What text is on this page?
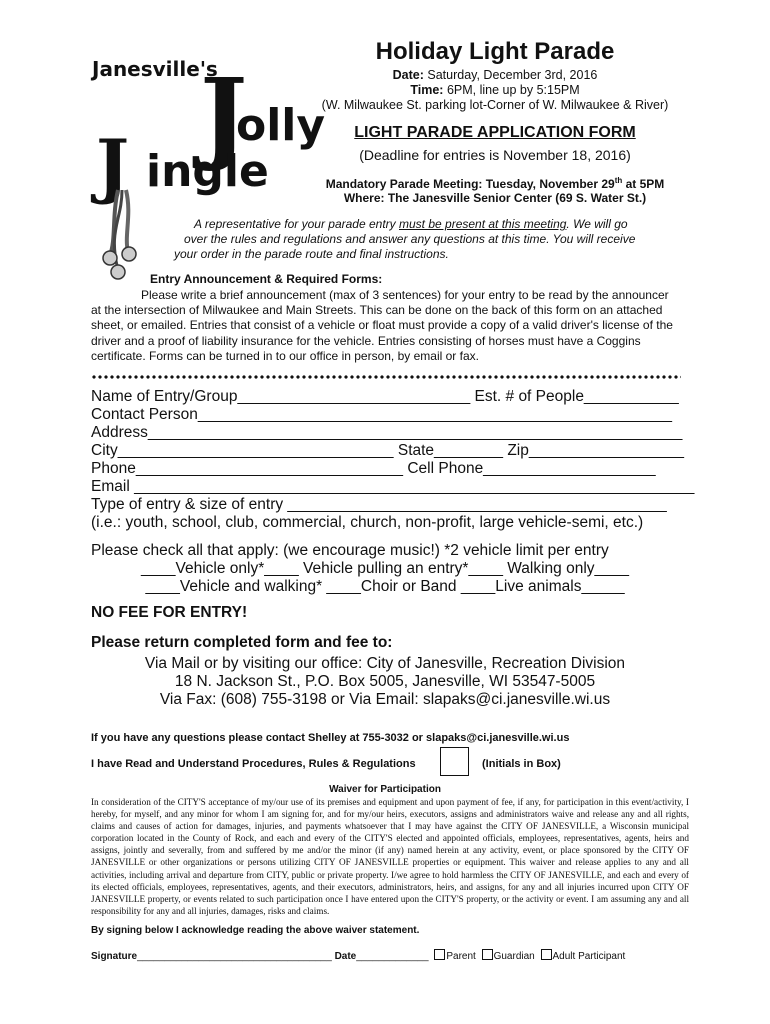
Janesville's
J
olly
J ingle
Holiday Light Parade
Date: Saturday, December 3rd, 2016
Time: 6PM, line up by 5:15PM
(W. Milwaukee St. parking lot-Corner of W. Milwaukee & River)
LIGHT PARADE APPLICATION FORM
(Deadline for entries is November 18, 2016)
Mandatory Parade Meeting: Tuesday, November 29th at 5PM
Where: The Janesville Senior Center (69 S. Water St.)
A representative for your parade entry must be present at this meeting. We will go
over the rules and regulations and answer any questions at this time. You will receive
your order in the parade route and final instructions.
Entry Announcement & Required Forms:
Please write a brief announcement (max of 3 sentences) for your entry to be read by the announcer at the intersection of Milwaukee and Main Streets. This can be done on the back of this form on an attached sheet, or emailed. Entries that consist of a vehicle or float must provide a copy of a valid driver's license of the driver and a proof of liability insurance for the vehicle. Entries consisting of horses must have a Coggins certificate. Forms can be turned in to our office in person, by email or fax.
Name of Entry/Group___________________________ Est. # of People___________
Contact Person_______________________________________________________
Address______________________________________________________________
City________________________________ State________ Zip__________________
Phone_______________________________ Cell Phone____________________
Email _________________________________________________________________
Type of entry & size of entry ____________________________________________
(i.e.: youth, school, club, commercial, church, non-profit, large vehicle-semi, etc.)
Please check all that apply: (we encourage music!) *2 vehicle limit per entry
____Vehicle only*____ Vehicle pulling an entry*____ Walking only____
____Vehicle and walking* ____Choir or Band ____Live animals_____
NO FEE FOR ENTRY!
Please return completed form and fee to:
Via Mail or by visiting our office: City of Janesville, Recreation Division
18 N. Jackson St., P.O. Box 5005, Janesville, WI 53547-5005
Via Fax: (608) 755-3198 or Via Email: slapaks@ci.janesville.wi.us
If you have any questions please contact Shelley at 755-3032 or slapaks@ci.janesville.wi.us
I have Read and Understand Procedures, Rules & Regulations	(Initials in Box)
Waiver for Participation
In consideration of the CITY'S acceptance of my/our use of its premises and equipment and upon payment of fee, if any, for participation in this event/activity, I hereby, for myself, and any minor for whom I am signing for, and for my/our heirs, executors, assigns and administrators waive and release any and all rights, claims and causes of action for damages, injuries, and payments whatsoever that I may have against the CITY OF JANESVILLE, a Wisconsin municipal corporation located in the County of Rock, and each and every of the CITY'S elected and appointed officials, employees, representatives, agents, heirs and assigns, jointly and severally, from and suffered by me and/or the minor (if any) named herein at any activity, event, or place sponsored by the CITY OF JANESVILLE or other organizations or persons utilizing CITY OF JANESVILLE properties or equipment. This waiver and release applies to any and all activities, including arrival and departure from CITY, public or private property. I/we agree to hold harmless the CITY OF JANESVILLE, and each and every of its elected officials, employees, representatives, agents, and their executors, administrators, heirs, and assigns, for any and all injuries incurred upon CITY OF JANESVILLE property, or events related to such participation once I have entered upon the CITY'S property, or the activity or event. I am assuming any and all responsibility for any and all injuries, damages, risks and claims.
By signing below I acknowledge reading the above waiver statement.
Signature___________________________________ Date_____________ Parent Guardian Adult Participant
